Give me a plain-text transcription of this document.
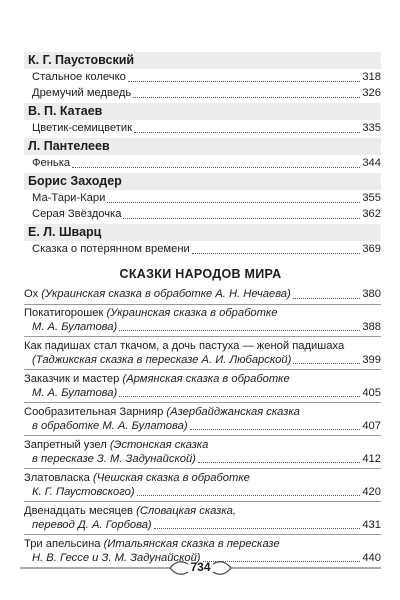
К. Г. Паустовский
Стальное колечко	318
Дремучий медведь	326
В. П. Катаев
Цветик-семицветик	335
Л. Пантелеев
Фенька	344
Борис Заходер
Ма-Тари-Кари	355
Серая Звёздочка	362
Е. Л. Шварц
Сказка о потерянном времени	369
СКАЗКИ НАРОДОВ МИРА
Ох (Украинская сказка в обработке А. Н. Нечаева)	380
Покатигорошек (Украинская сказка в обработке
М. А. Булатова)	388
Как падишах стал ткачом, а дочь пастуха — женой падишаха
(Таджикская сказка в пересказе А. И. Любарской)	399
Заказчик и мастер (Армянская сказка в обработке
М. А. Булатова)	405
Сообразительная Зарнияр (Азербайджанская сказка
в обработке М. А. Булатова)	407
Запретный узел (Эстонская сказка
в пересказе З. М. Задунайской)	412
Златовласка (Чешская сказка в обработке
К. Г. Паустовского)	420
Двенадцать месяцев (Словацкая сказка,
перевод Д. А. Горбова)	431
Три апельсина (Итальянская сказка в пересказе
Н. В. Гессе и З. М. Задунайской)	440
734
